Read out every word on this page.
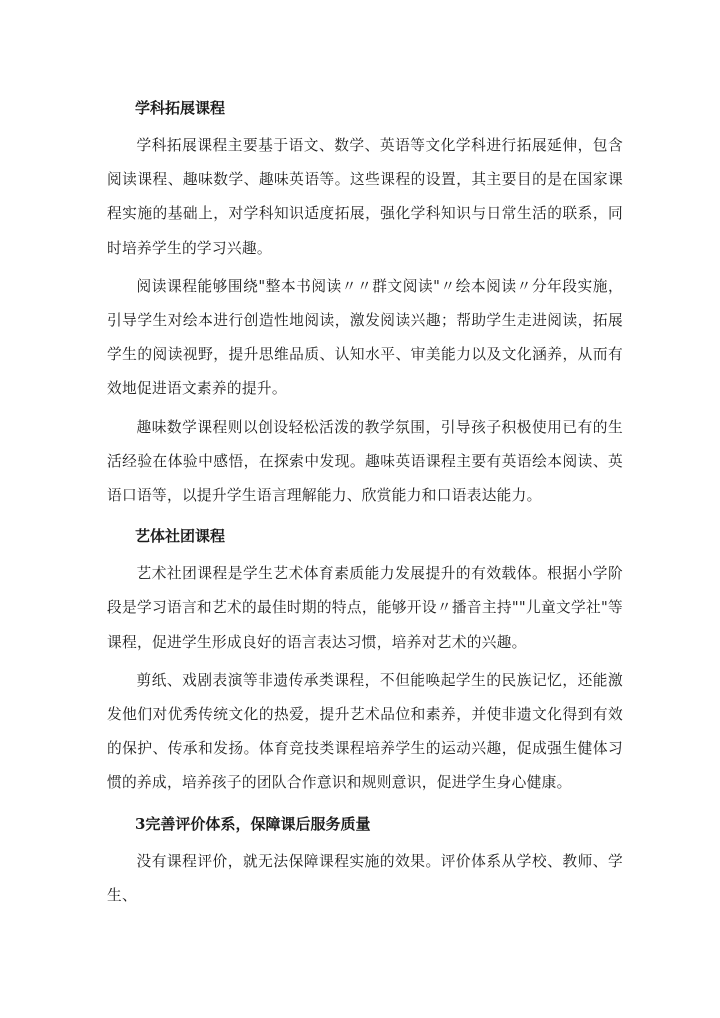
学科拓展课程

学科拓展课程主要基于语文、数学、英语等文化学科进行拓展延伸，包含阅读课程、趣味数学、趣味英语等。这些课程的设置，其主要目的是在国家课程实施的基础上，对学科知识适度拓展，强化学科知识与日常生活的联系，同时培养学生的学习兴趣。

阅读课程能够围绕"整本书阅读〃〃群文阅读"〃绘本阅读〃分年段实施，引导学生对绘本进行创造性地阅读，激发阅读兴趣；帮助学生走进阅读，拓展学生的阅读视野，提升思维品质、认知水平、审美能力以及文化涵养，从而有效地促进语文素养的提升。

趣味数学课程则以创设轻松活泼的教学氛围，引导孩子积极使用已有的生活经验在体验中感悟，在探索中发现。趣味英语课程主要有英语绘本阅读、英语口语等，以提升学生语言理解能力、欣赏能力和口语表达能力。

艺体社团课程

艺术社团课程是学生艺术体育素质能力发展提升的有效载体。根据小学阶段是学习语言和艺术的最佳时期的特点，能够开设〃播音主持""儿童文学社"等课程，促进学生形成良好的语言表达习惯，培养对艺术的兴趣。

剪纸、戏剧表演等非遗传承类课程，不但能唤起学生的民族记忆，还能激发他们对优秀传统文化的热爱，提升艺术品位和素养，并使非遗文化得到有效的保护、传承和发扬。体育竞技类课程培养学生的运动兴趣，促成强生健体习惯的养成，培养孩子的团队合作意识和规则意识，促进学生身心健康。

3完善评价体系，保障课后服务质量

没有课程评价，就无法保障课程实施的效果。评价体系从学校、教师、学生、
